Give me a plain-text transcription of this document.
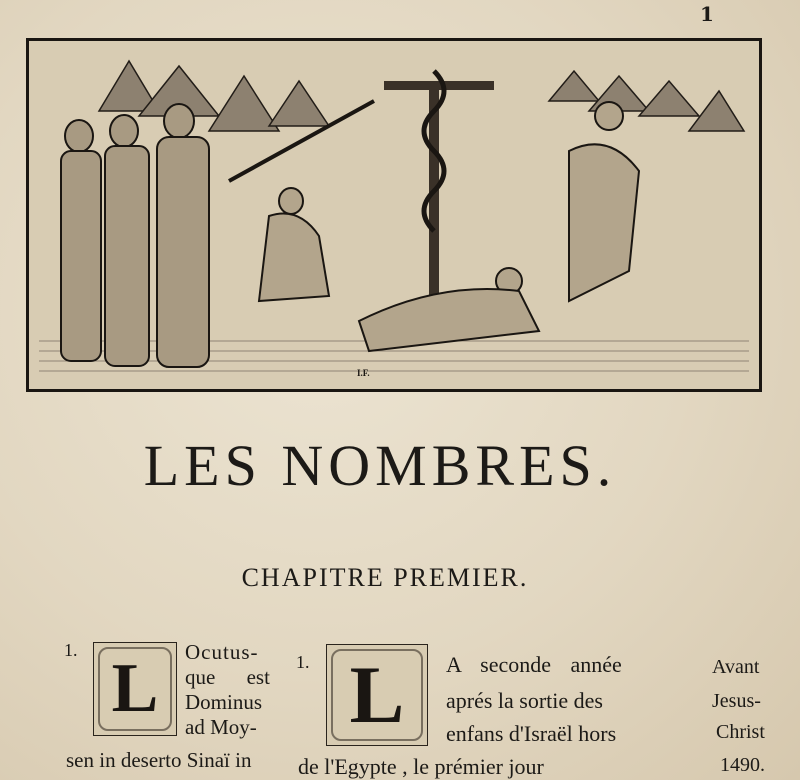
1
I.F.
LES NOMBRES.
CHAPITRE PREMIER.
1. L Ocutus-
que est
Dominus
ad Moy-
sen in deserto Sinaï in
1. L A seconde année
aprés la sortie des
enfans d'Israël hors
de l'Egypte , le prémier jour
Avant
Jesus-
Christ
1490.
